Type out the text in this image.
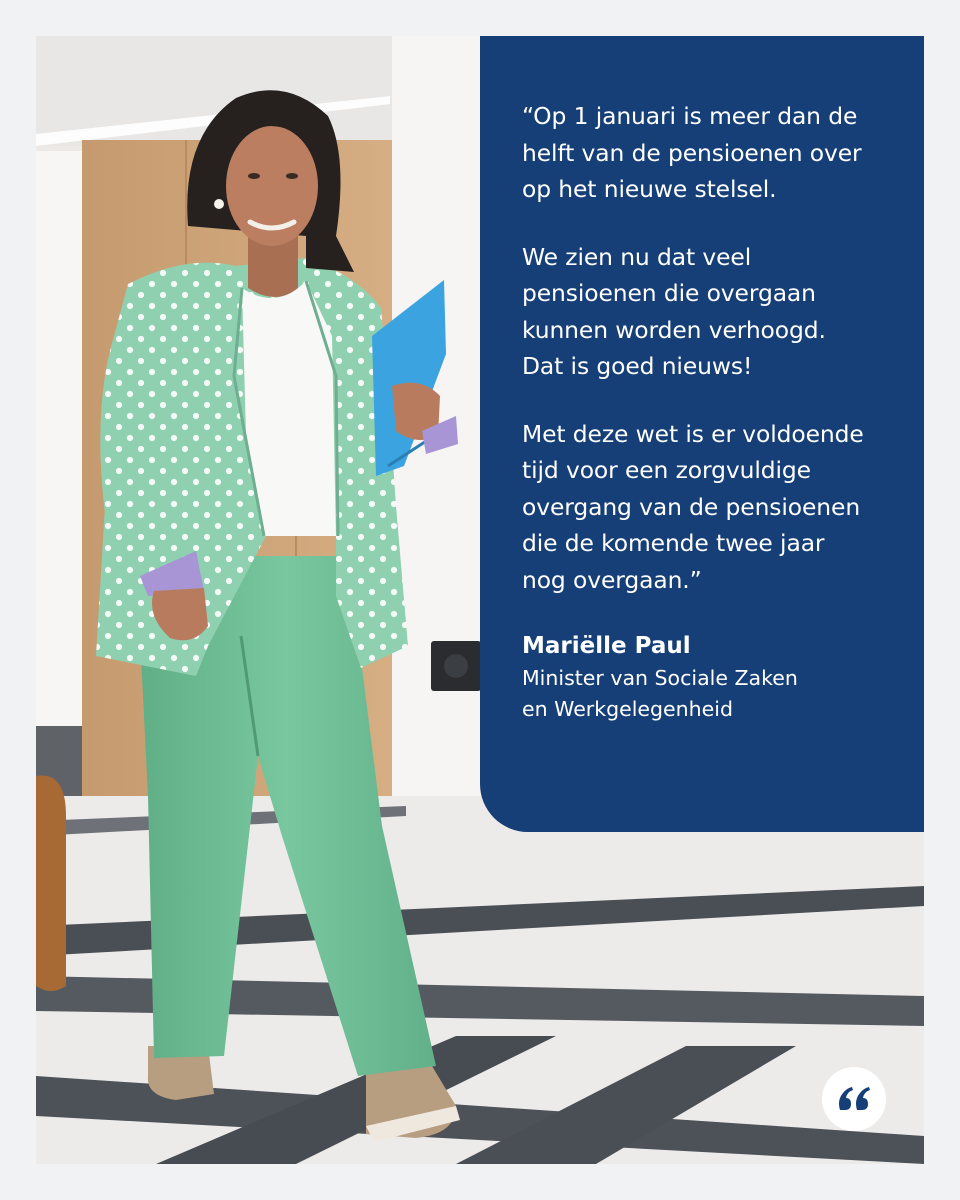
“Op 1 januari is meer dan de
helft van de pensioenen over
op het nieuwe stelsel.

We zien nu dat veel
pensioenen die overgaan
kunnen worden verhoogd.
Dat is goed nieuws!

Met deze wet is er voldoende
tijd voor een zorgvuldige
overgang van de pensioenen
die de komende twee jaar
nog overgaan.”

Mariëlle Paul
Minister van Sociale Zaken
en Werkgelegenheid
